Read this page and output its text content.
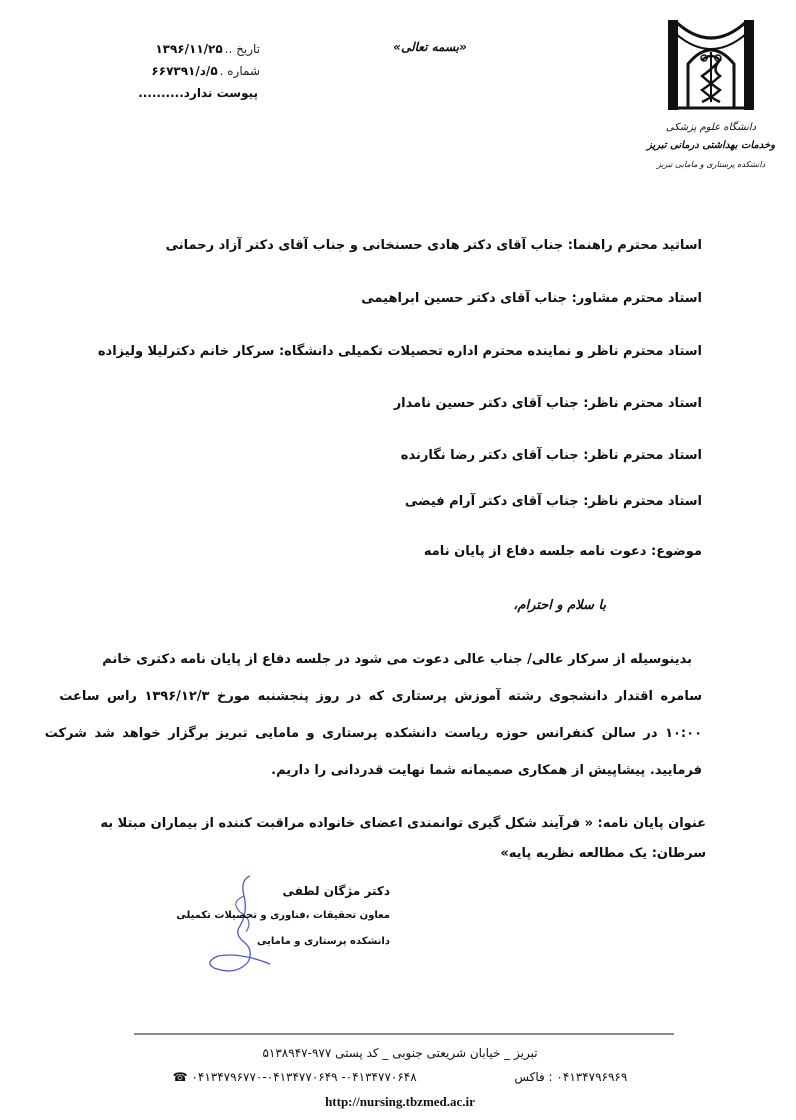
تاریخ ..۱۳۹۶/۱۱/۲۵
شماره .۵/د/۶۶۷۳۹۱
پیوست ندارد..........
«بسمه تعالی»
دانشگاه علوم پزشکی
وخدمات بهداشتی درمانی تبریز
دانشکده پرستاری و مامایی تبریز
اساتید محترم راهنما: جناب آقای دکتر هادی حسنخانی و جناب آقای دکتر آزاد رحمانی
استاد محترم مشاور: جناب آقای دکتر حسین ابراهیمی
استاد محترم ناظر و نماینده محترم اداره تحصیلات تکمیلی دانشگاه: سرکار خانم دکترلیلا ولیزاده
استاد محترم ناظر: جناب آقای دکتر حسین نامدار
استاد محترم ناظر: جناب آقای دکتر رضا نگارنده
استاد محترم ناظر: جناب آقای دکتر آرام فیضی
موضوع: دعوت نامه جلسه دفاع از پایان نامه
با سلام و احترام،
بدینوسیله از سرکار عالی/ جناب عالی دعوت می شود در جلسه دفاع از پایان نامه دکتری خانم
سامره اقتدار دانشجوی رشته آموزش پرستاری که در روز پنجشنبه مورخ ۱۳۹۶/۱۲/۳ راس ساعت
۱۰:۰۰ در سالن کنفرانس حوزه ریاست دانشکده پرستاری و مامایی تبریز برگزار خواهد شد شرکت
فرمایید. پیشاپیش از همکاری صمیمانه شما نهایت قدردانی را داریم.
عنوان پایان نامه: « فرآیند شکل گیری توانمندی اعضای خانواده مراقبت کننده از بیماران مبتلا به
سرطان: یک مطالعه نظریه پایه»
دکتر مژگان لطفی
معاون تحقیقات ،فناوری و تحصیلات تکمیلی
دانشکده پرستاری و مامایی
تبریز _ خیابان شریعتی جنوبی _ کد پستی ۹۷۷-۵۱۳۸۹۴۷
۰۴۱۳۴۷۹۶۹۶۹ : فاکس  ۰۴۱۳۴۷۷۰۶۴۸- ۰۴۱۳۴۷۷۰۶۴۹-۰۴۱۳۴۷۹۶۷۷۰ ☎
http://nursing.tbzmed.ac.ir
